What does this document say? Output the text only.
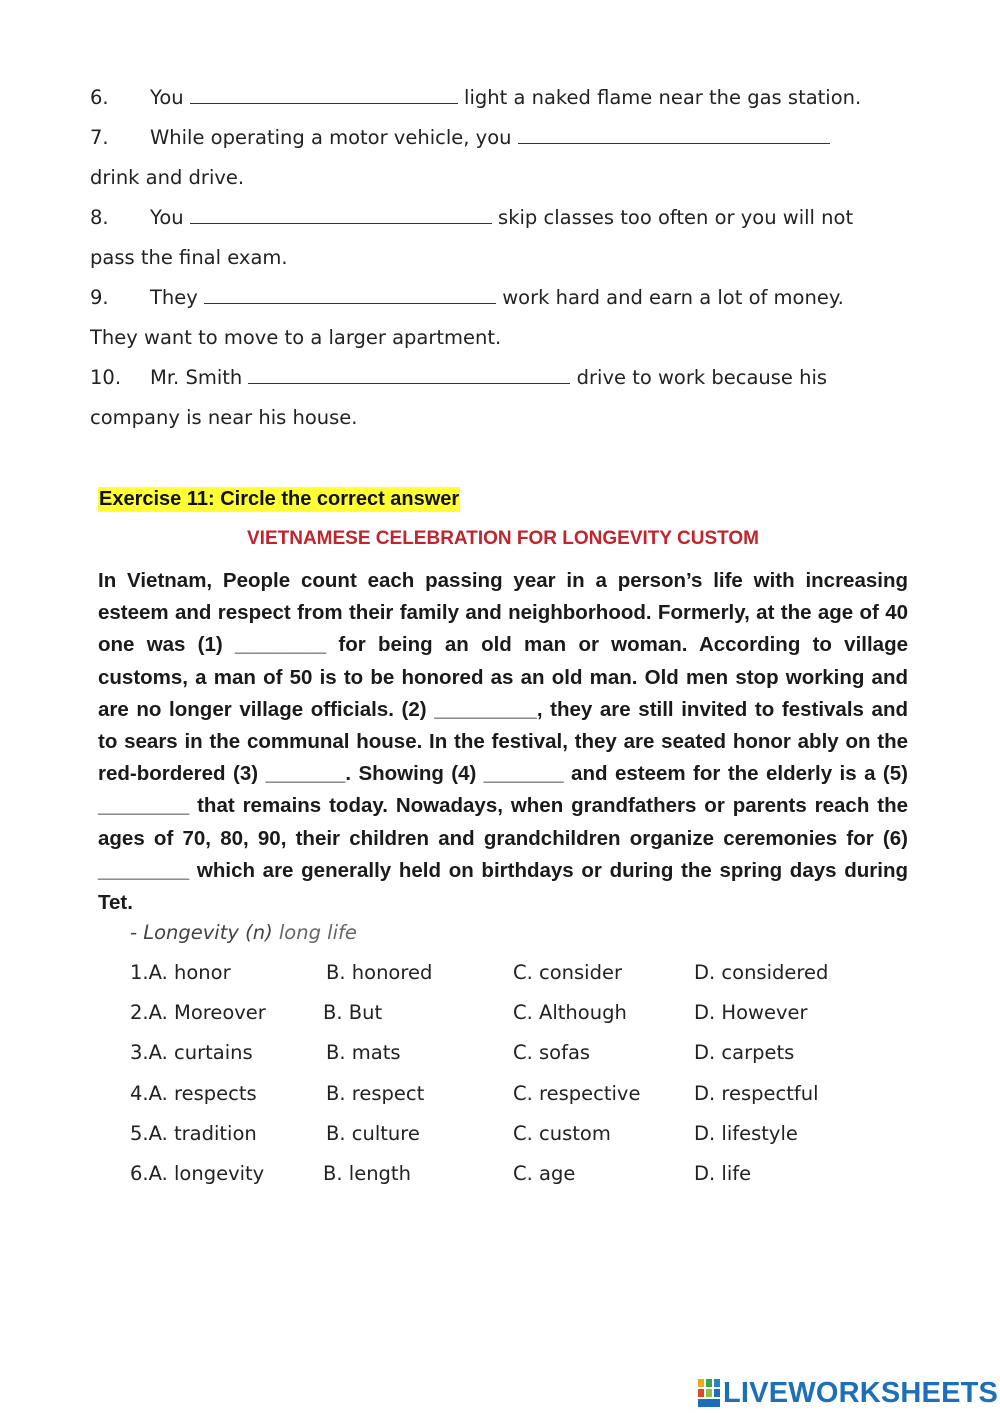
6. You	light a naked flame near the gas station.
7. While operating a motor vehicle, you
drink and drive.
8. You	skip classes too often or you will not
pass the final exam.
9. They	work hard and earn a lot of money.
They want to move to a larger apartment.
10. Mr. Smith	drive to work because his
company is near his house.
Exercise 11: Circle the correct answer
VIETNAMESE CELEBRATION FOR LONGEVITY CUSTOM
In Vietnam, People count each passing year in a person’s life with increasing esteem and respect from their family and neighborhood. Formerly, at the age of 40 one was (1) ________ for being an old man or woman. According to village customs, a man of 50 is to be honored as an old man. Old men stop working and are no longer village officials. (2) _________, they are still invited to festivals and to sears in the communal house. In the festival, they are seated honor ably on the red-bordered (3) _______. Showing (4) _______ and esteem for the elderly is a (5) ________ that remains today. Nowadays, when grandfathers or parents reach the ages of 70, 80, 90, their children and grandchildren organize ceremonies for (6) ________ which are generally held on birthdays or during the spring days during Tet.
- Longevity (n) long life
1.A. honor	B. honored	C. consider	D. considered
2.A. Moreover	B. But	C. Although	D. However
3.A. curtains	B. mats	C. sofas	D. carpets
4.A. respects	B. respect	C. respective	D. respectful
5.A. tradition	B. culture	C. custom	D. lifestyle
6.A. longevity	B. length	C. age	D. life
LIVEWORKSHEETS
